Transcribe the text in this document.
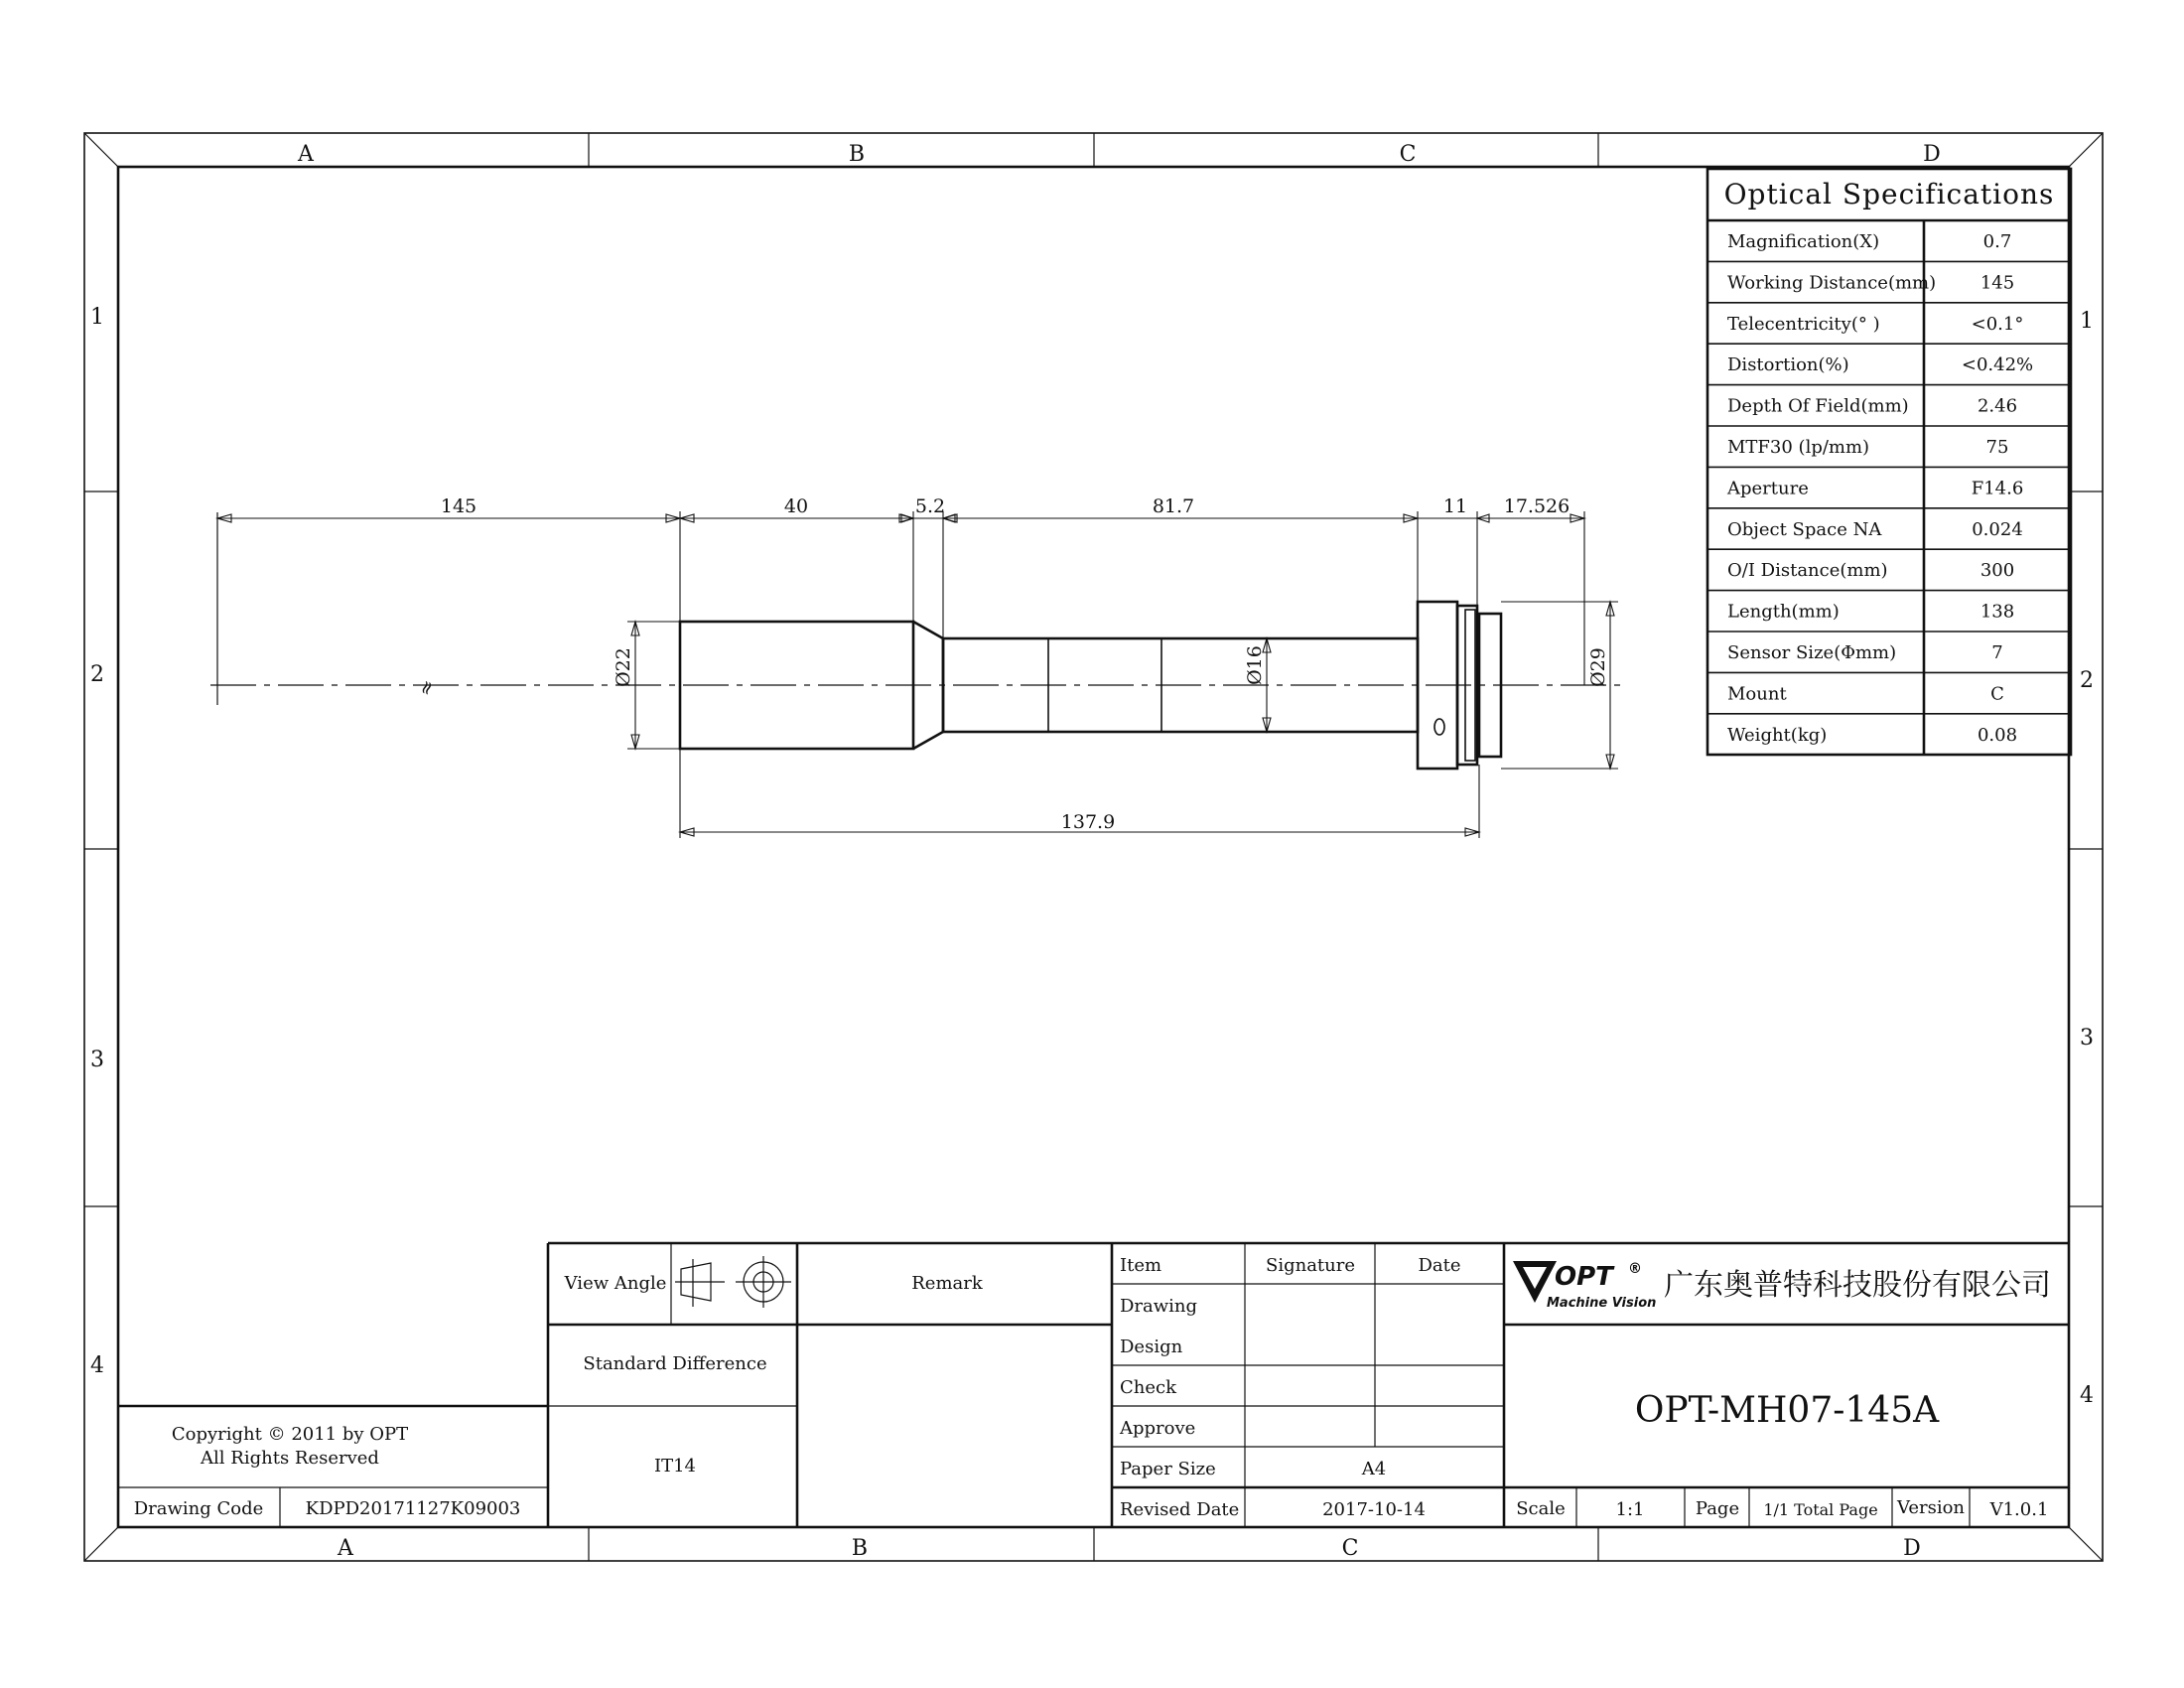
A	B	C	D
A	B	C	D
1
2
3
4
1
2
3
4
Optical Specifications
Magnification(X)	0.7
Working Distance(mm) 145
Telecentricity(° )	<0.1°
Distortion(%)	<0.42%
Depth Of Field(mm)	2.46
MTF30 (lp/mm)	75
Aperture	F14.6
Object Space NA	0.024
O/I Distance(mm)	300
Length(mm)	138
Sensor Size(Φmm)	7
Mount	C
Weight(kg)	0.08
≈
145	40	5.2	81.7	11 17.526
137.9
Ø22	Ø16	Ø29
View Angle	Remark
Standard Difference
IT14
Copyright © 2011 by OPT
All Rights Reserved
Drawing Code KDPD20171127K09003
Item	Signature	Date
Drawing
Design
Check
Approve
Paper Size	A4
Revised Date	2017-10-14
OPT ®
Machine Vision
广东奥普特科技股份有限公司
OPT-MH07-145A
Scale	1:1	Page 1/1 Total Page Version V1.0.1
